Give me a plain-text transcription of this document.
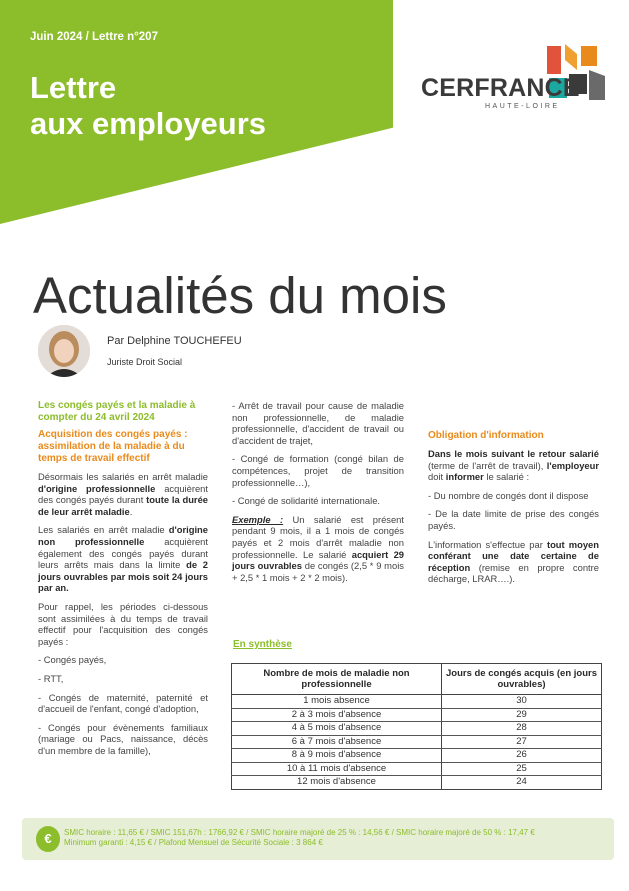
Juin 2024 / Lettre n°207
Lettre
aux employeurs
CERFRANCE
HAUTE-LOIRE
Actualités du mois
Par Delphine TOUCHEFEU
Juriste Droit Social
Les congés payés et la maladie à compter du 24 avril 2024
Acquisition des congés payés : assimilation de la maladie à du temps de travail effectif

Désormais les salariés en arrêt maladie d'origine professionnelle acquièrent des congés payés durant toute la durée de leur arrêt maladie.

Les salariés en arrêt maladie d'origine non professionnelle acquièrent également des congés payés durant leurs arrêts mais dans la limite de 2 jours ouvrables par mois soit 24 jours par an.

Pour rappel, les périodes ci-dessous sont assimilées à du temps de travail effectif pour l'acquisition des congés payés :

- Congés payés,

- RTT,

- Congés de maternité, paternité et d'accueil de l'enfant, congé d'adoption,

- Congés pour évènements familiaux (mariage ou Pacs, naissance, décès d'un membre de la famille),

- Arrêt de travail pour cause de maladie non professionnelle, de maladie professionnelle, d'accident de travail ou d'accident de trajet,

- Congé de formation (congé bilan de compétences, projet de transition professionnelle…),

- Congé de solidarité internationale.

Exemple : Un salarié est présent pendant 9 mois, il a 1 mois de congés payés et 2 mois d'arrêt maladie non professionnelle. Le salarié acquiert 29 jours ouvrables de congés (2,5 * 9 mois + 2,5 * 1 mois + 2 * 2 mois).

Obligation d'information

Dans le mois suivant le retour salarié (terme de l'arrêt de travail), l'employeur doit informer le salarié :

- Du nombre de congés dont il dispose

- De la date limite de prise des congés payés.

L'information s'effectue par tout moyen conférant une date certaine de réception (remise en propre contre décharge, LRAR….).

En synthèse
Nombre de mois de maladie non professionnelle	Jours de congés acquis (en jours ouvrables)
1 mois absence	30
2 à 3 mois d'absence	29
4 à 5 mois d'absence	28
6 à 7 mois d'absence	27
8 à 9 mois d'absence	26
10 à 11 mois d'absence	25
12 mois d'absence	24
€	SMIC horaire : 11,65 € / SMIC 151,67h : 1766,92 € / SMIC horaire majoré de 25 % : 14,56 € / SMIC horaire majoré de 50 % : 17,47 €
Minimum garanti : 4,15 € / Plafond Mensuel de Sécurité Sociale : 3 864 €
